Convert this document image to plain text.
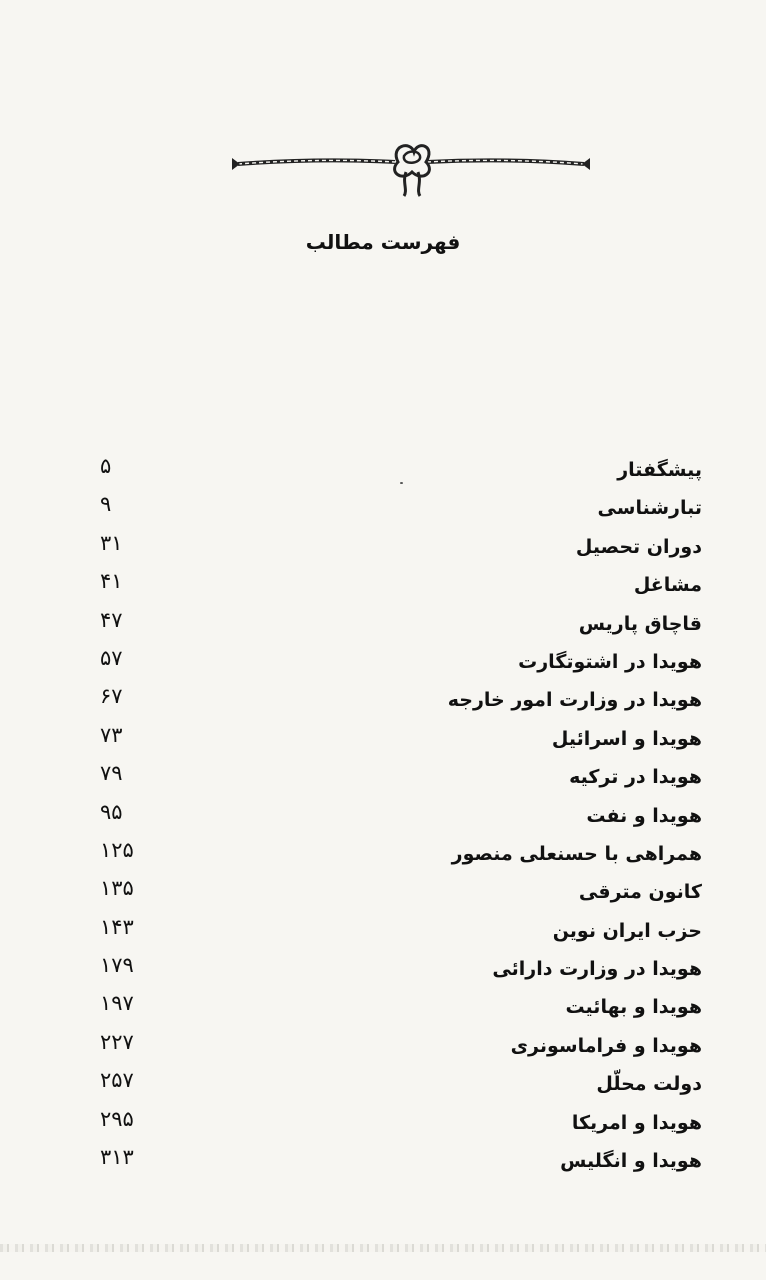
فهرست مطالب
پیشگفتار
۵
تبارشناسی
۹
دوران تحصیل
۳۱
مشاغل
۴۱
قاچاق پاریس
۴۷
هویدا در اشتوتگارت
۵۷
هویدا در وزارت امور خارجه
۶۷
هویدا و اسرائیل
۷۳
هویدا در ترکیه
۷۹
هویدا و نفت
۹۵
همراهی با حسنعلی منصور
۱۲۵
کانون مترقی
۱۳۵
حزب ایران نوین
۱۴۳
هویدا در وزارت دارائی
۱۷۹
هویدا و بهائیت
۱۹۷
هویدا و فراماسونری
۲۲۷
دولت محلّل
۲۵۷
هویدا و امریکا
۲۹۵
هویدا و انگلیس
۳۱۳
